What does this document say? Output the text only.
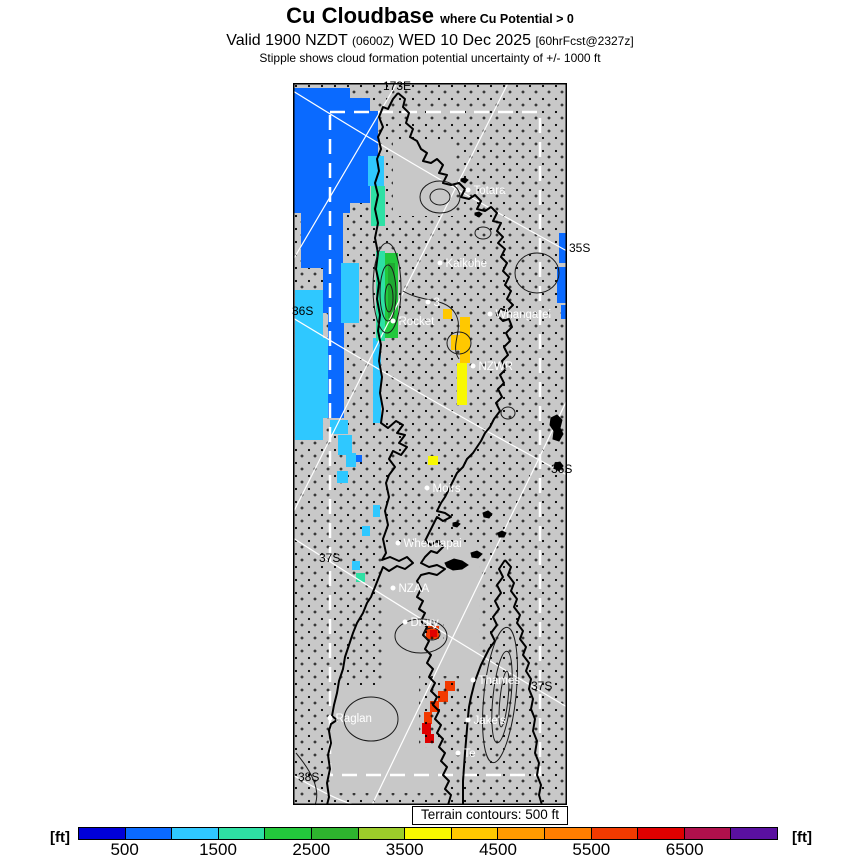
Cu Cloudbase where Cu Potential > 0
Valid 1900 NZDT (0600Z) WED 10 Dec 2025 [60hrFcst@2327z]
Stipple shows cloud formation potential uncertainty of +/- 1000 ft
173E
35S
36S
36S
37S
37S
38S
Totara
Kaikohe
3
Rocket
Whangarei
NZWR
Moirs
Whenuapai
NZAA
Drury
Thames
Jake's
Te
Raglan
Terrain contours: 500 ft
[ft]
500	1500	2500	3500	4500	5500	6500
[ft]
